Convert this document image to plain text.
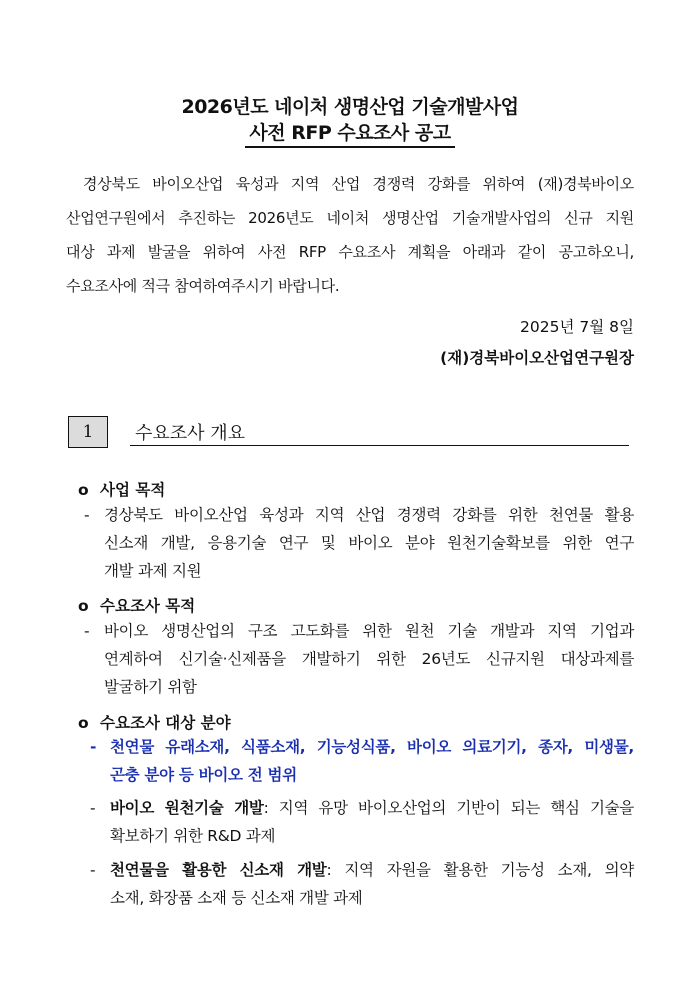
2026년도 네이처 생명산업 기술개발사업
사전 RFP 수요조사 공고
경상북도 바이오산업 육성과 지역 산업 경쟁력 강화를 위하여 (재)경북바이오
산업연구원에서 추진하는 2026년도 네이처 생명산업 기술개발사업의 신규 지원
대상 과제 발굴을 위하여 사전 RFP 수요조사 계획을 아래과 같이 공고하오니,
수요조사에 적극 참여하여주시기 바랍니다.
2025년 7월 8일
(재)경북바이오산업연구원장
1 수요조사 개요
o 사업 목적
- 경상북도 바이오산업 육성과 지역 산업 경쟁력 강화를 위한 천연물 활용
신소재 개발, 응용기술 연구 및 바이오 분야 원천기술확보를 위한 연구
개발 과제 지원
o 수요조사 목적
- 바이오 생명산업의 구조 고도화를 위한 원천 기술 개발과 지역 기업과
연계하여 신기술·신제품을 개발하기 위한 26년도 신규지원 대상과제를
발굴하기 위함
o 수요조사 대상 분야
- 천연물 유래소재, 식품소재, 기능성식품, 바이오 의료기기, 종자, 미생물,
곤충 분야 등 바이오 전 범위
- 바이오 원천기술 개발: 지역 유망 바이오산업의 기반이 되는 핵심 기술을
확보하기 위한 R&D 과제
- 천연물을 활용한 신소재 개발: 지역 자원을 활용한 기능성 소재, 의약
소재, 화장품 소재 등 신소재 개발 과제
